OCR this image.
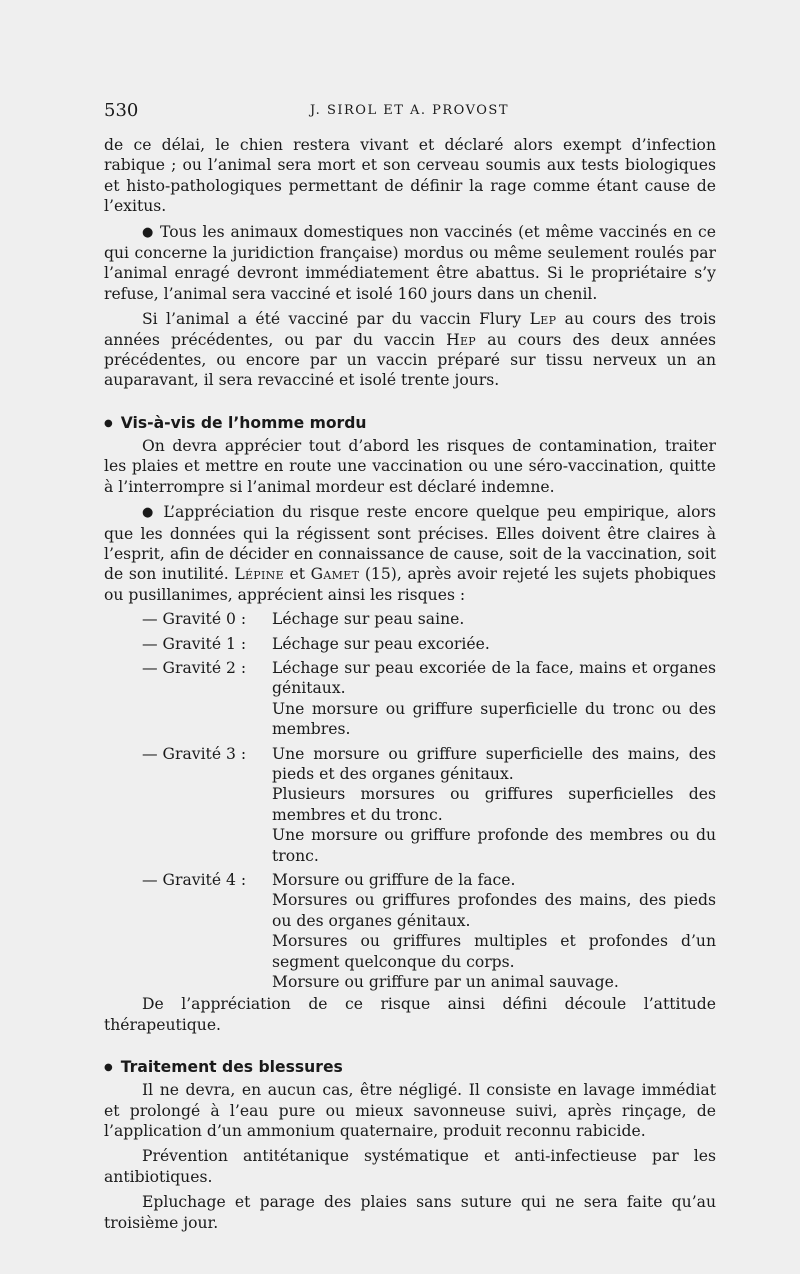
530	J. SIROL ET A. PROVOST

de ce délai, le chien restera vivant et déclaré alors exempt d’infection rabique ; ou l’animal sera mort et son cerveau soumis aux tests biologiques et histo-pathologiques permettant de définir la rage comme étant cause de l’exitus.

● Tous les animaux domestiques non vaccinés (et même vaccinés en ce qui concerne la juridiction française) mordus ou même seulement roulés par l’animal enragé devront immédiatement être abattus. Si le propriétaire s’y refuse, l’animal sera vacciné et isolé 160 jours dans un chenil.

Si l’animal a été vacciné par du vaccin Flury Lep au cours des trois années précédentes, ou par du vaccin Hep au cours des deux années précédentes, ou encore par un vaccin préparé sur tissu nerveux un an auparavant, il sera revacciné et isolé trente jours.

● Vis-à-vis de l’homme mordu

On devra apprécier tout d’abord les risques de contamination, traiter les plaies et mettre en route une vaccination ou une séro-vaccination, quitte à l’interrompre si l’animal mordeur est déclaré indemne.

● L’appréciation du risque reste encore quelque peu empirique, alors que les données qui la régissent sont précises. Elles doivent être claires à l’esprit, afin de décider en connaissance de cause, soit de la vaccination, soit de son inutilité. Lépine et Gamet (15), après avoir rejeté les sujets phobiques ou pusillanimes, apprécient ainsi les risques :

— Gravité 0 :	Léchage sur peau saine.
— Gravité 1 :	Léchage sur peau excoriée.
— Gravité 2 :	Léchage sur peau excoriée de la face, mains et organes génitaux.
Une morsure ou griffure superficielle du tronc ou des membres.
— Gravité 3 :	Une morsure ou griffure superficielle des mains, des pieds et des organes génitaux.
Plusieurs morsures ou griffures superficielles des membres et du tronc.
Une morsure ou griffure profonde des membres ou du tronc.
— Gravité 4 :	Morsure ou griffure de la face.
Morsures ou griffures profondes des mains, des pieds ou des organes génitaux.
Morsures ou griffures multiples et profondes d’un segment quelconque du corps.
Morsure ou griffure par un animal sauvage.

De l’appréciation de ce risque ainsi défini découle l’attitude thérapeutique.

● Traitement des blessures

Il ne devra, en aucun cas, être négligé. Il consiste en lavage immédiat et prolongé à l’eau pure ou mieux savonneuse suivi, après rinçage, de l’application d’un ammonium quaternaire, produit reconnu rabicide.

Prévention antitétanique systématique et anti-infectieuse par les antibiotiques.

Epluchage et parage des plaies sans suture qui ne sera faite qu’au troisième jour.
